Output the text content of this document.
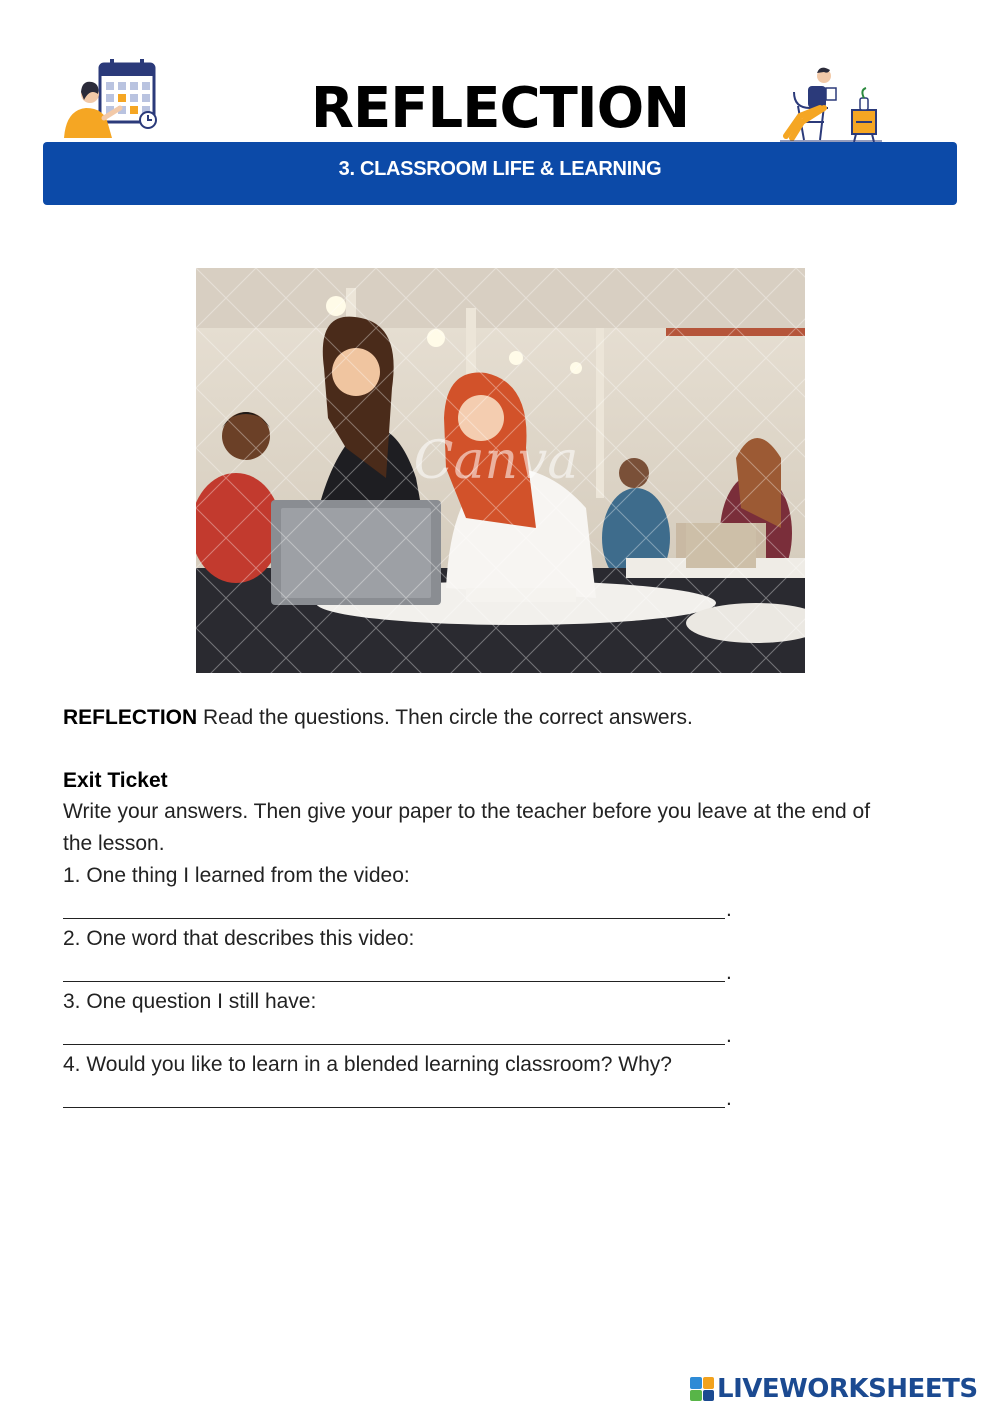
REFLECTION
3. CLASSROOM LIFE & LEARNING
Canva
REFLECTION Read the questions. Then circle the correct answers.
Exit Ticket
Write your answers. Then give your paper to the teacher before you leave at the end of
the lesson.
1. One thing I learned from the video:
.
2. One word that describes this video:
.
3. One question I still have:
.
4. Would you like to learn in a blended learning classroom? Why?
.
LIVEWORKSHEETS
